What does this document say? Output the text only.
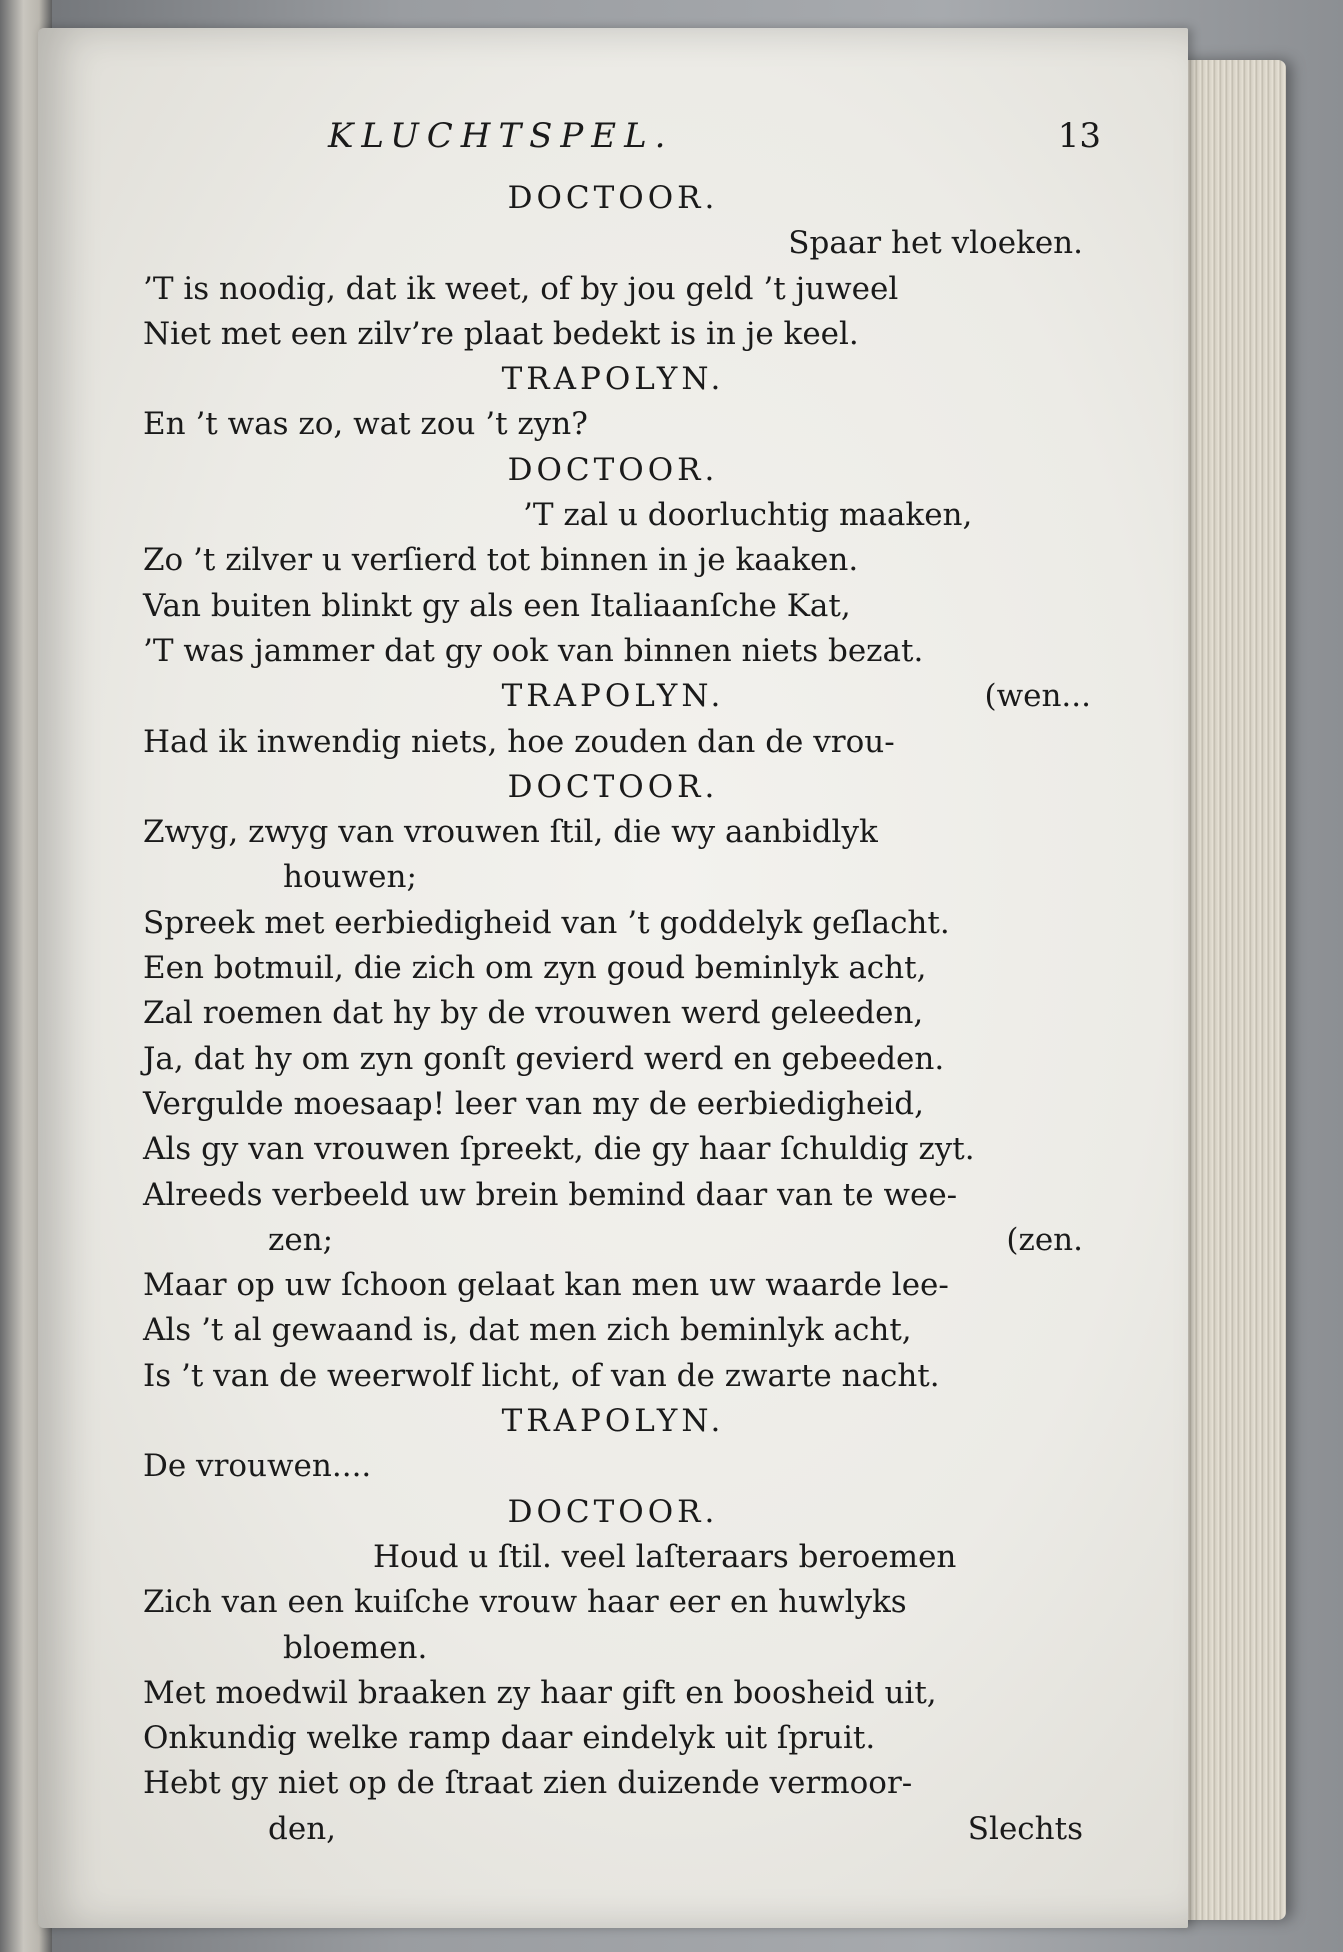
KLUCHTSPEL.	13
DOCTOOR.
Spaar het vloeken.
’T is noodig, dat ik weet, of by jou geld ’t juweel
Niet met een zilv’re plaat bedekt is in je keel.
TRAPOLYN.
En ’t was zo, wat zou ’t zyn?
DOCTOOR.
’T zal u doorluchtig maaken,
Zo ’t zilver u verſierd tot binnen in je kaaken.
Van buiten blinkt gy als een Italiaanſche Kat,
’T was jammer dat gy ook van binnen niets bezat.
TRAPOLYN.	(wen...
Had ik inwendig niets, hoe zouden dan de vrou-
DOCTOOR.
Zwyg, zwyg van vrouwen ſtil, die wy aanbidlyk
houwen;
Spreek met eerbiedigheid van ’t goddelyk geſlacht.
Een botmuil, die zich om zyn goud beminlyk acht,
Zal roemen dat hy by de vrouwen werd geleeden,
Ja, dat hy om zyn gonſt gevierd werd en gebeeden.
Vergulde moesaap! leer van my de eerbiedigheid,
Als gy van vrouwen ſpreekt, die gy haar ſchuldig zyt.
Alreeds verbeeld uw brein bemind daar van te wee-
zen;	(zen.
Maar op uw ſchoon gelaat kan men uw waarde lee-
Als ’t al gewaand is, dat men zich beminlyk acht,
Is ’t van de weerwolf licht, of van de zwarte nacht.
TRAPOLYN.
De vrouwen....
DOCTOOR.
Houd u ſtil. veel laſteraars beroemen
Zich van een kuiſche vrouw haar eer en huwlyks
bloemen.
Met moedwil braaken zy haar gift en boosheid uit,
Onkundig welke ramp daar eindelyk uit ſpruit.
Hebt gy niet op de ſtraat zien duizende vermoor-
den,	Slechts
